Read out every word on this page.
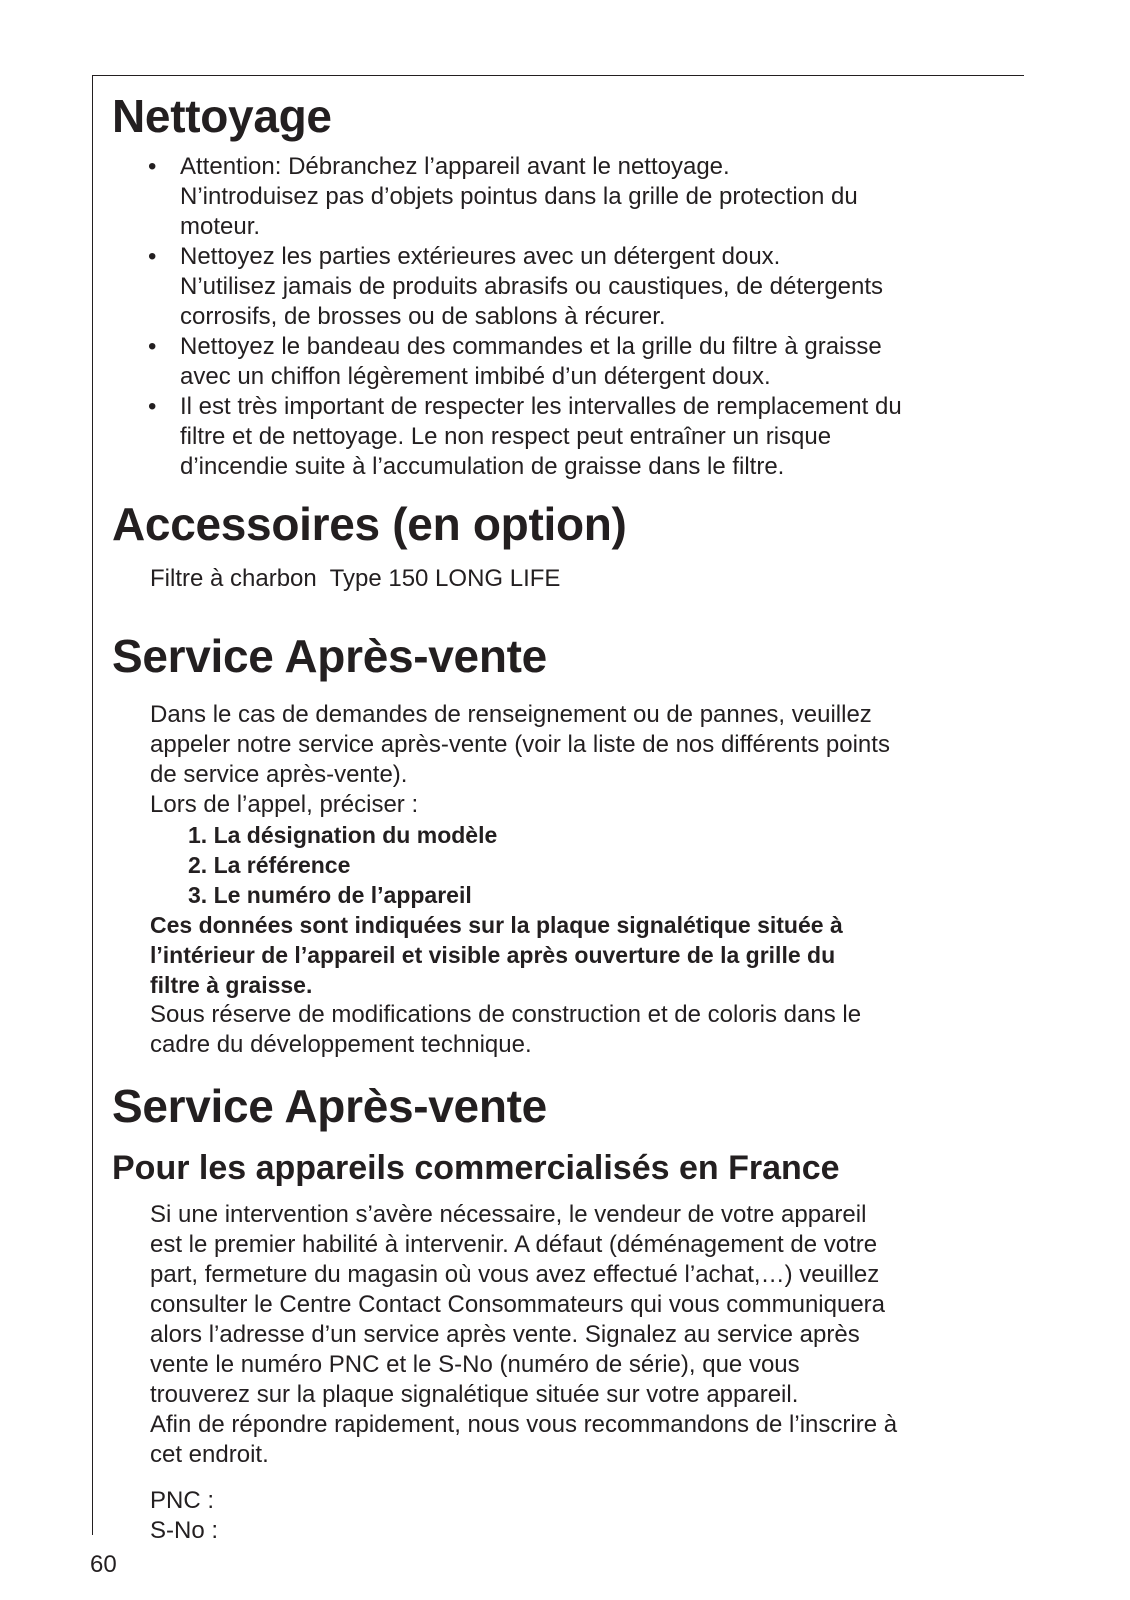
Nettoyage
• Attention: Débranchez l’appareil avant le nettoyage.
N’introduisez pas d’objets pointus dans la grille de protection du
moteur.
• Nettoyez les parties extérieures avec un détergent doux.
N’utilisez jamais de produits abrasifs ou caustiques, de détergents
corrosifs, de brosses ou de sablons à récurer.
• Nettoyez le bandeau des commandes et la grille du filtre à graisse
avec un chiffon légèrement imbibé d’un détergent doux.
• Il est très important de respecter les intervalles de remplacement du
filtre et de nettoyage. Le non respect peut entraîner un risque
d’incendie suite à l’accumulation de graisse dans le filtre.
Accessoires (en option)

Filtre à charbon  Type 150 LONG LIFE

Service Après-vente

Dans le cas de demandes de renseignement ou de pannes, veuillez

appeler notre service après-vente (voir la liste de nos différents points

de service après-vente).

Lors de l’appel, préciser :

1. La désignation du modèle
2. La référence
3. Le numéro de l’appareil

Ces données sont indiquées sur la plaque signalétique située à

l’intérieur de l’appareil et visible après ouverture de la grille du

filtre à graisse.

Sous réserve de modifications de construction et de coloris dans le

cadre du développement technique.

Service Après-vente
Pour les appareils commercialisés en France

Si une intervention s’avère nécessaire, le vendeur de votre appareil

est le premier habilité à intervenir. A défaut (déménagement de votre

part, fermeture du magasin où vous avez effectué l’achat,…) veuillez

consulter le Centre Contact Consommateurs qui vous communiquera

alors l’adresse d’un service après vente. Signalez au service après

vente le numéro PNC et le S-No (numéro de série), que vous

trouverez sur la plaque signalétique située sur votre appareil.

Afin de répondre rapidement, nous vous recommandons de l’inscrire à

cet endroit.

PNC :

S-No :

60
